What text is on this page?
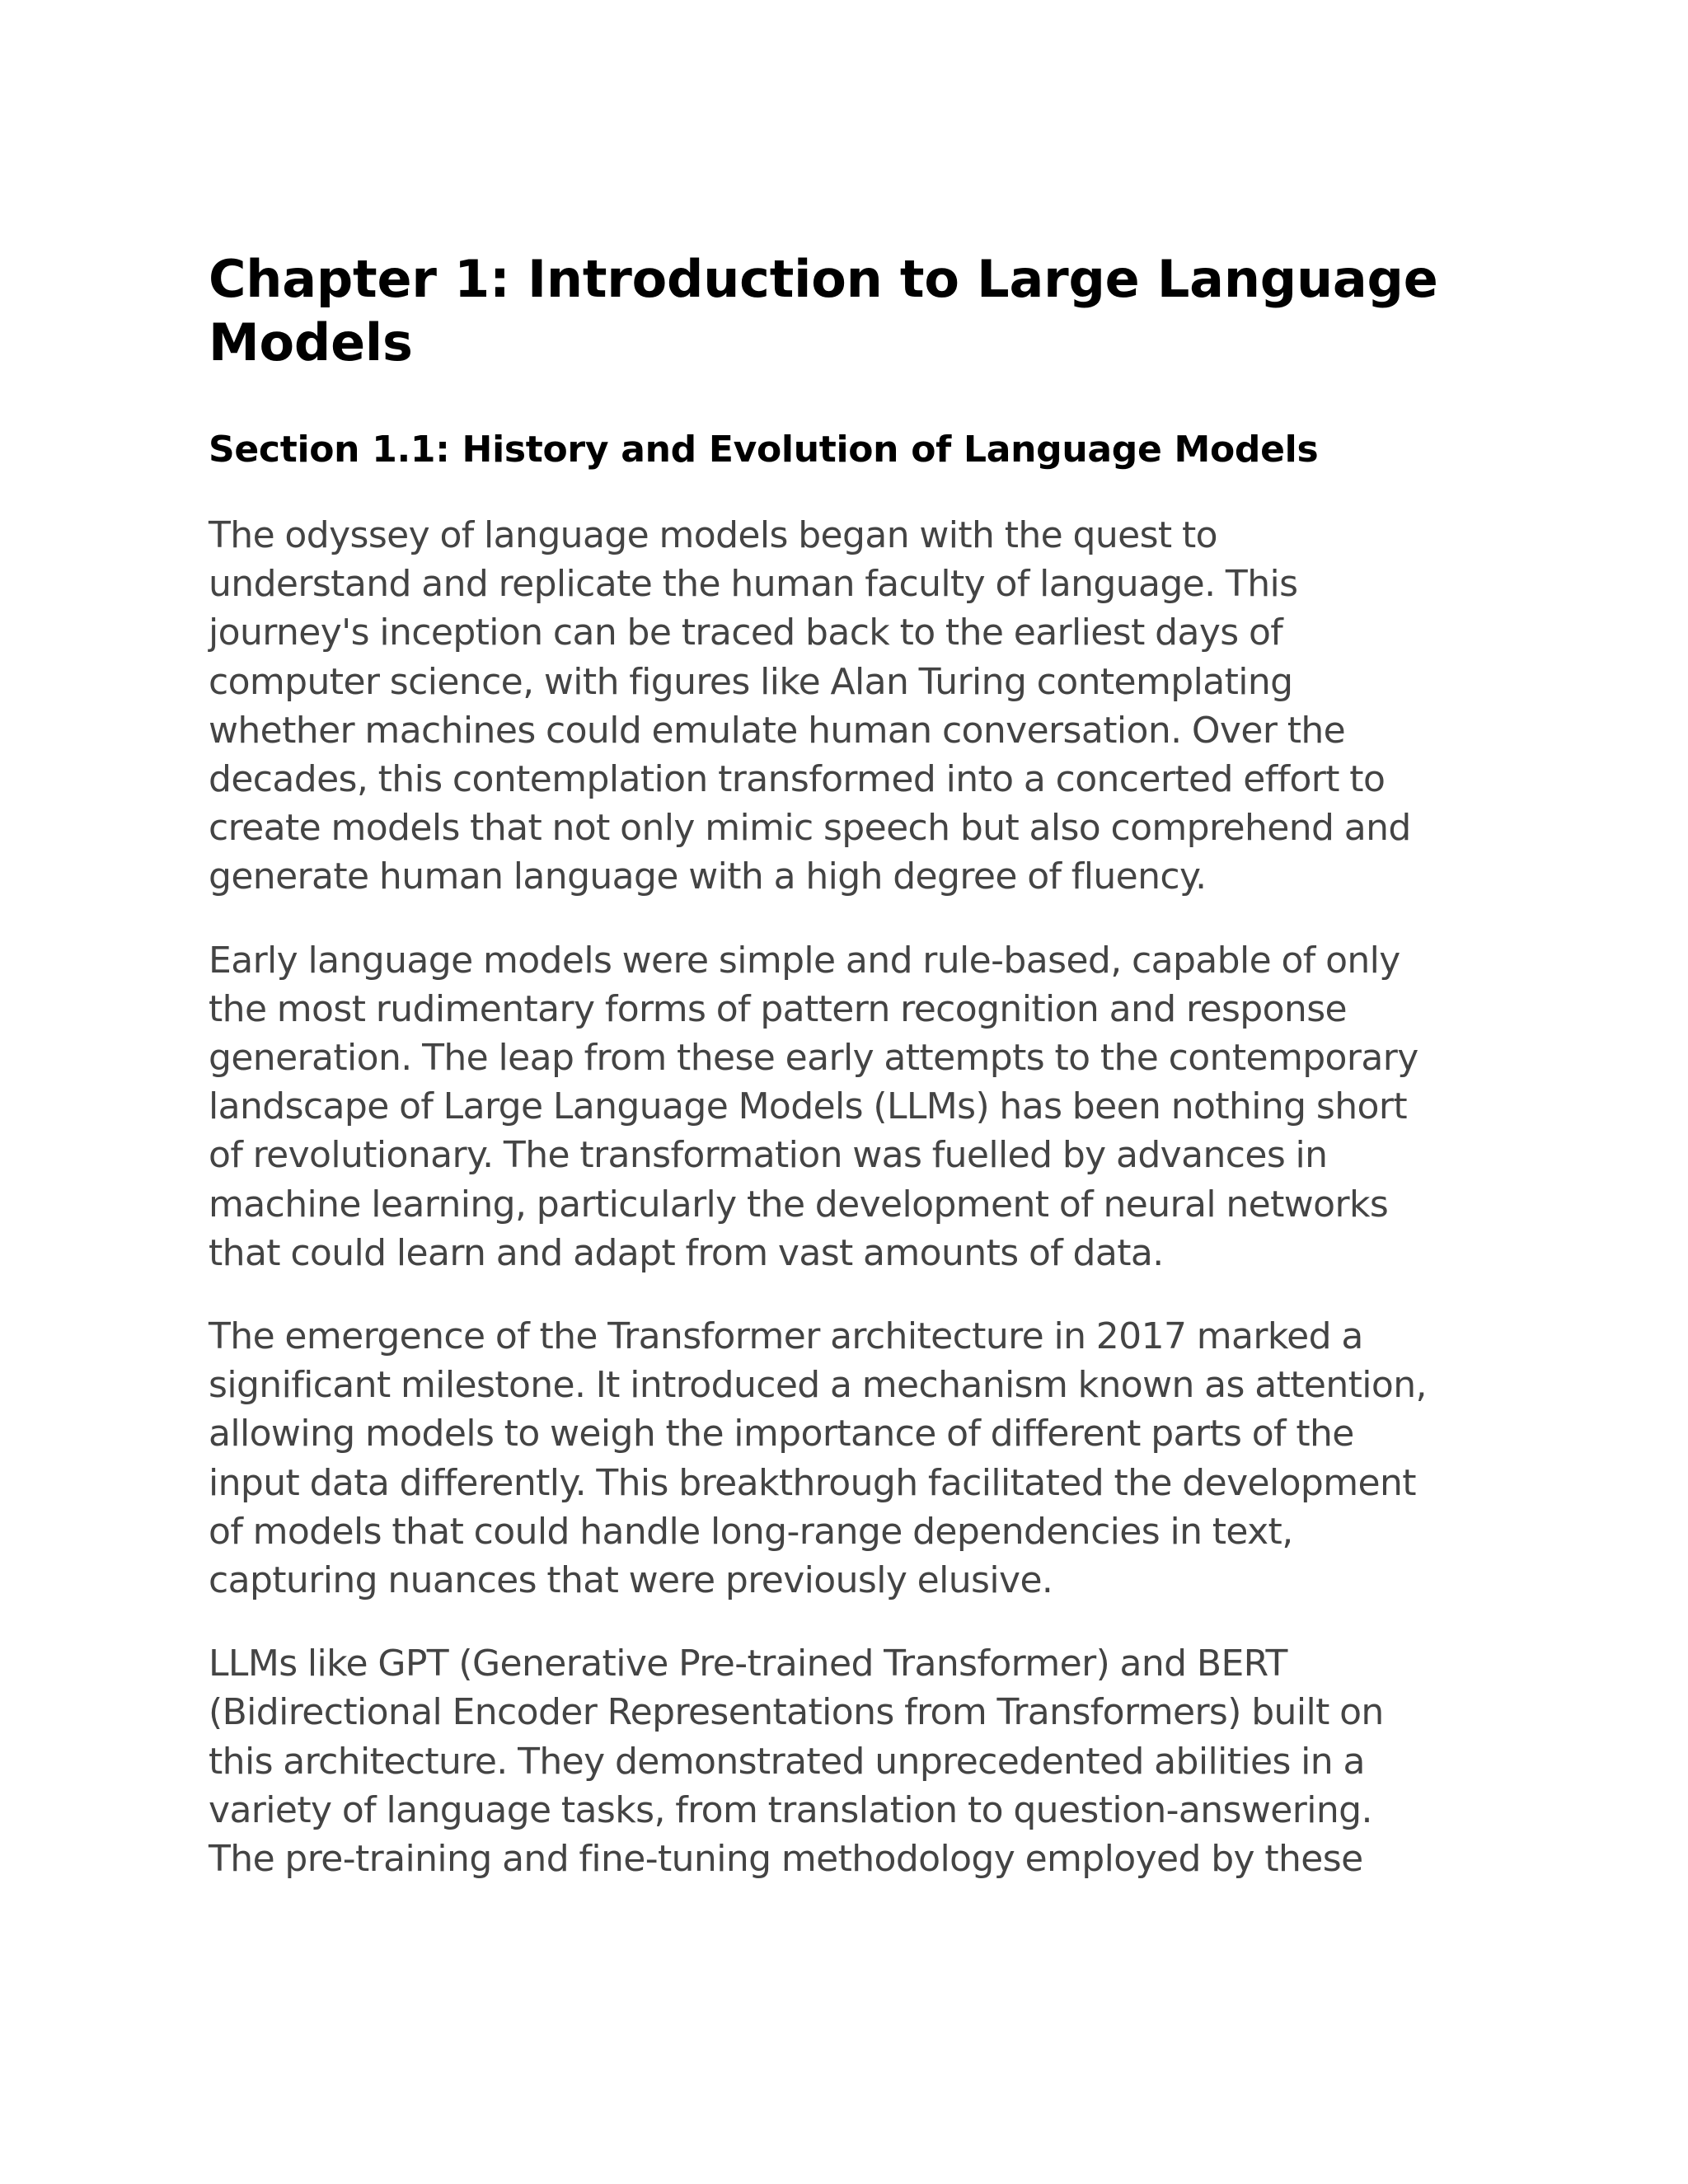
Chapter 1: Introduction to Large Language
Models
Section 1.1: History and Evolution of Language Models

The odyssey of language models began with the quest to
understand and replicate the human faculty of language. This
journey's inception can be traced back to the earliest days of
computer science, with figures like Alan Turing contemplating
whether machines could emulate human conversation. Over the
decades, this contemplation transformed into a concerted effort to
create models that not only mimic speech but also comprehend and
generate human language with a high degree of fluency.

Early language models were simple and rule-based, capable of only
the most rudimentary forms of pattern recognition and response
generation. The leap from these early attempts to the contemporary
landscape of Large Language Models (LLMs) has been nothing short
of revolutionary. The transformation was fuelled by advances in
machine learning, particularly the development of neural networks
that could learn and adapt from vast amounts of data.

The emergence of the Transformer architecture in 2017 marked a
significant milestone. It introduced a mechanism known as attention,
allowing models to weigh the importance of different parts of the
input data differently. This breakthrough facilitated the development
of models that could handle long-range dependencies in text,
capturing nuances that were previously elusive.

LLMs like GPT (Generative Pre-trained Transformer) and BERT
(Bidirectional Encoder Representations from Transformers) built on
this architecture. They demonstrated unprecedented abilities in a
variety of language tasks, from translation to question-answering.
The pre-training and fine-tuning methodology employed by these
